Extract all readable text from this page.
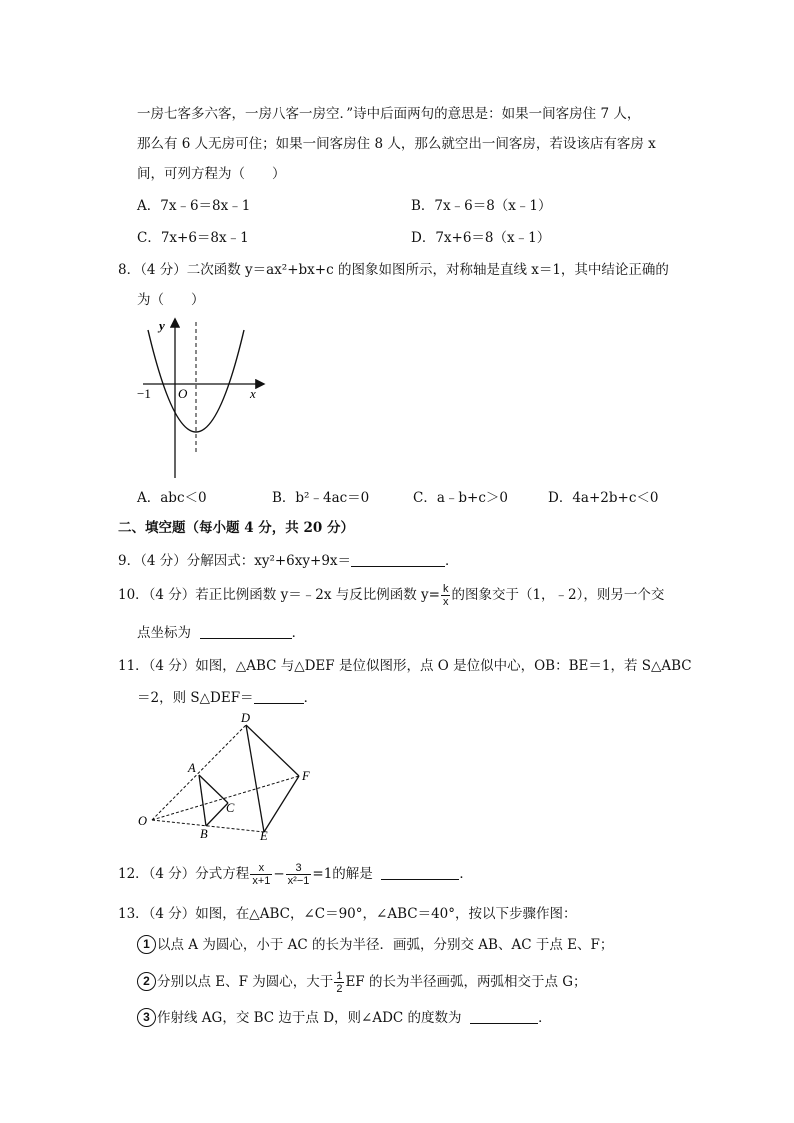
一房七客多六客，一房八客一房空．”诗中后面两句的意思是：如果一间客房住 7 人，
那么有 6 人无房可住；如果一间客房住 8 人，那么就空出一间客房，若设该店有客房 x
间，可列方程为（　　）
A．7x﹣6＝8x﹣1	B．7x﹣6＝8（x﹣1）
C．7x+6＝8x﹣1	D．7x+6＝8（x﹣1）
8．（4 分）二次函数 y＝ax²+bx+c 的图象如图所示，对称轴是直线 x＝1，其中结论正确的
为（　　）
y
x
O
−1
A．abc＜0	B．b²﹣4ac＝0	C．a﹣b+c＞0	D．4a+2b+c＜0
二、填空题（每小题 4 分，共 20 分）
9．（4 分）分解因式：xy²+6xy+9x＝	．
10．（4 分）若正比例函数 y＝﹣2x 与反比例函数 $y= \frac{k}{x}$ 的图象交于（1，﹣2），则另一个交
点坐标为	．
11．（4 分）如图，△ABC 与△DEF 是位似图形，点 O 是位似中心，OB：BE＝1，若 S△ABC
＝2，则 S△DEF＝	．
D
A
F
C
O
B	E
12．（4 分）分式方程 $\frac{x}{x+1} - \frac{3}{\text{x²−1}} =1$的解是	．
13．（4 分）如图，在△ABC，∠C＝90°，∠ABC＝40°，按以下步骤作图：
1 以点 A 为圆心，小于 AC 的长为半径．画弧，分别交 AB、AC 于点 E、F；
2 分别以点 E、F 为圆心，大于 $\frac{1}{2}$ EF 的长为半径画弧，两弧相交于点 G；
3 作射线 AG，交 BC 边于点 D，则∠ADC 的度数为	．
